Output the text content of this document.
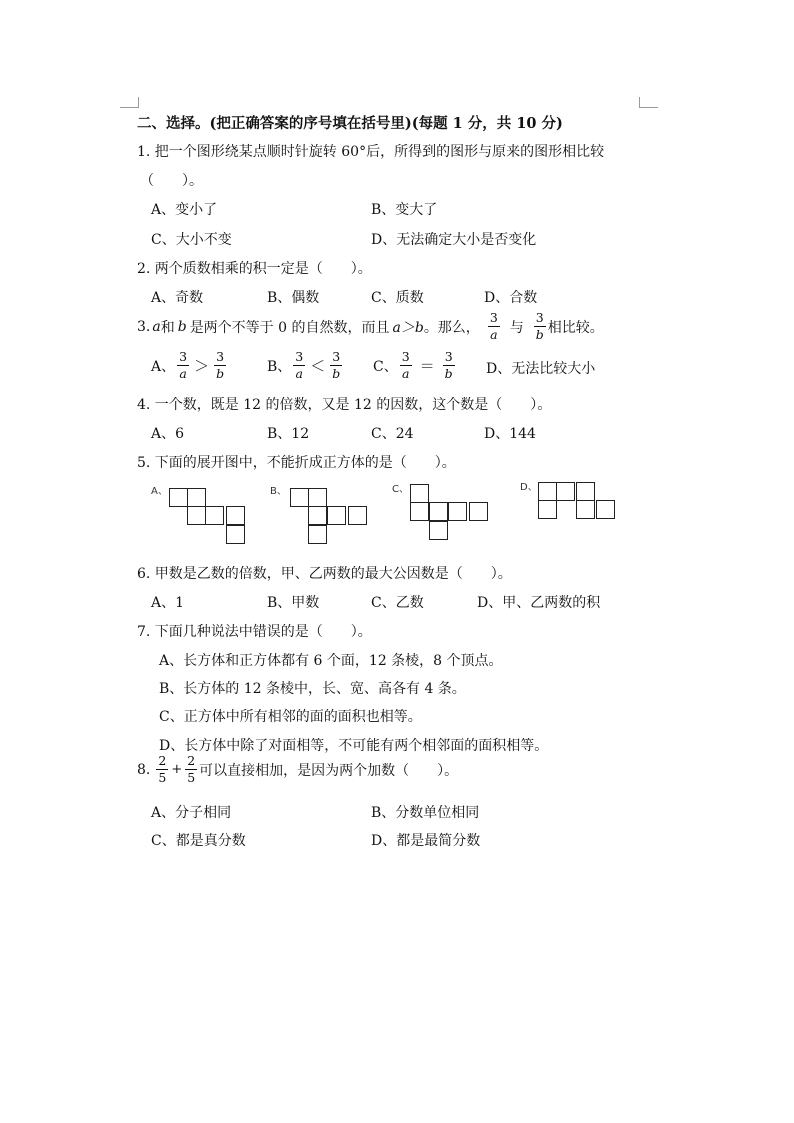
二、选择。(把正确答案的序号填在括号里)(每题 1 分，共 10 分)
1. 把一个图形绕某点顺时针旋转 60°后，所得到的图形与原来的图形相比较
（　　）。
A、变小了	B、变大了
C、大小不变	D、无法确定大小是否变化
2. 两个质数相乘的积一定是（　　）。
A、奇数	B、偶数	C、质数	D、合数
3. a 和 b 是两个不等于 0 的自然数，而且 a＞b 。那么， $\frac{3}{a}$ 与 $\frac{3}{b}$ 相比较。
A、 $\frac{3}{a} > \frac{3}{b}$	B、 $\frac{3}{a} < \frac{3}{b}$ C、 $\frac{3}{a} = \frac{3}{b}$ D、无法比较大小
4. 一个数，既是 12 的倍数，又是 12 的因数，这个数是（　　）。
A、6	B、12	C、24	D、144
5. 下面的展开图中，不能折成正方体的是（　　）。
A、	B、	C、	D、
6. 甲数是乙数的倍数，甲、乙两数的最大公因数是（　　）。
A、1	B、甲数	C、乙数	D、甲、乙两数的积
7. 下面几种说法中错误的是（　　）。
A、长方体和正方体都有 6 个面，12 条棱，8 个顶点。
B、长方体的 12 条棱中，长、宽、高各有 4 条。
C、正方体中所有相邻的面的面积也相等。
D、长方体中除了对面相等，不可能有两个相邻面的面积相等。
8. $\frac{2}{5} + \frac{2}{5}$ 可以直接相加，是因为两个加数（　　）。
A、分子相同	B、分数单位相同
C、都是真分数	D、都是最简分数
